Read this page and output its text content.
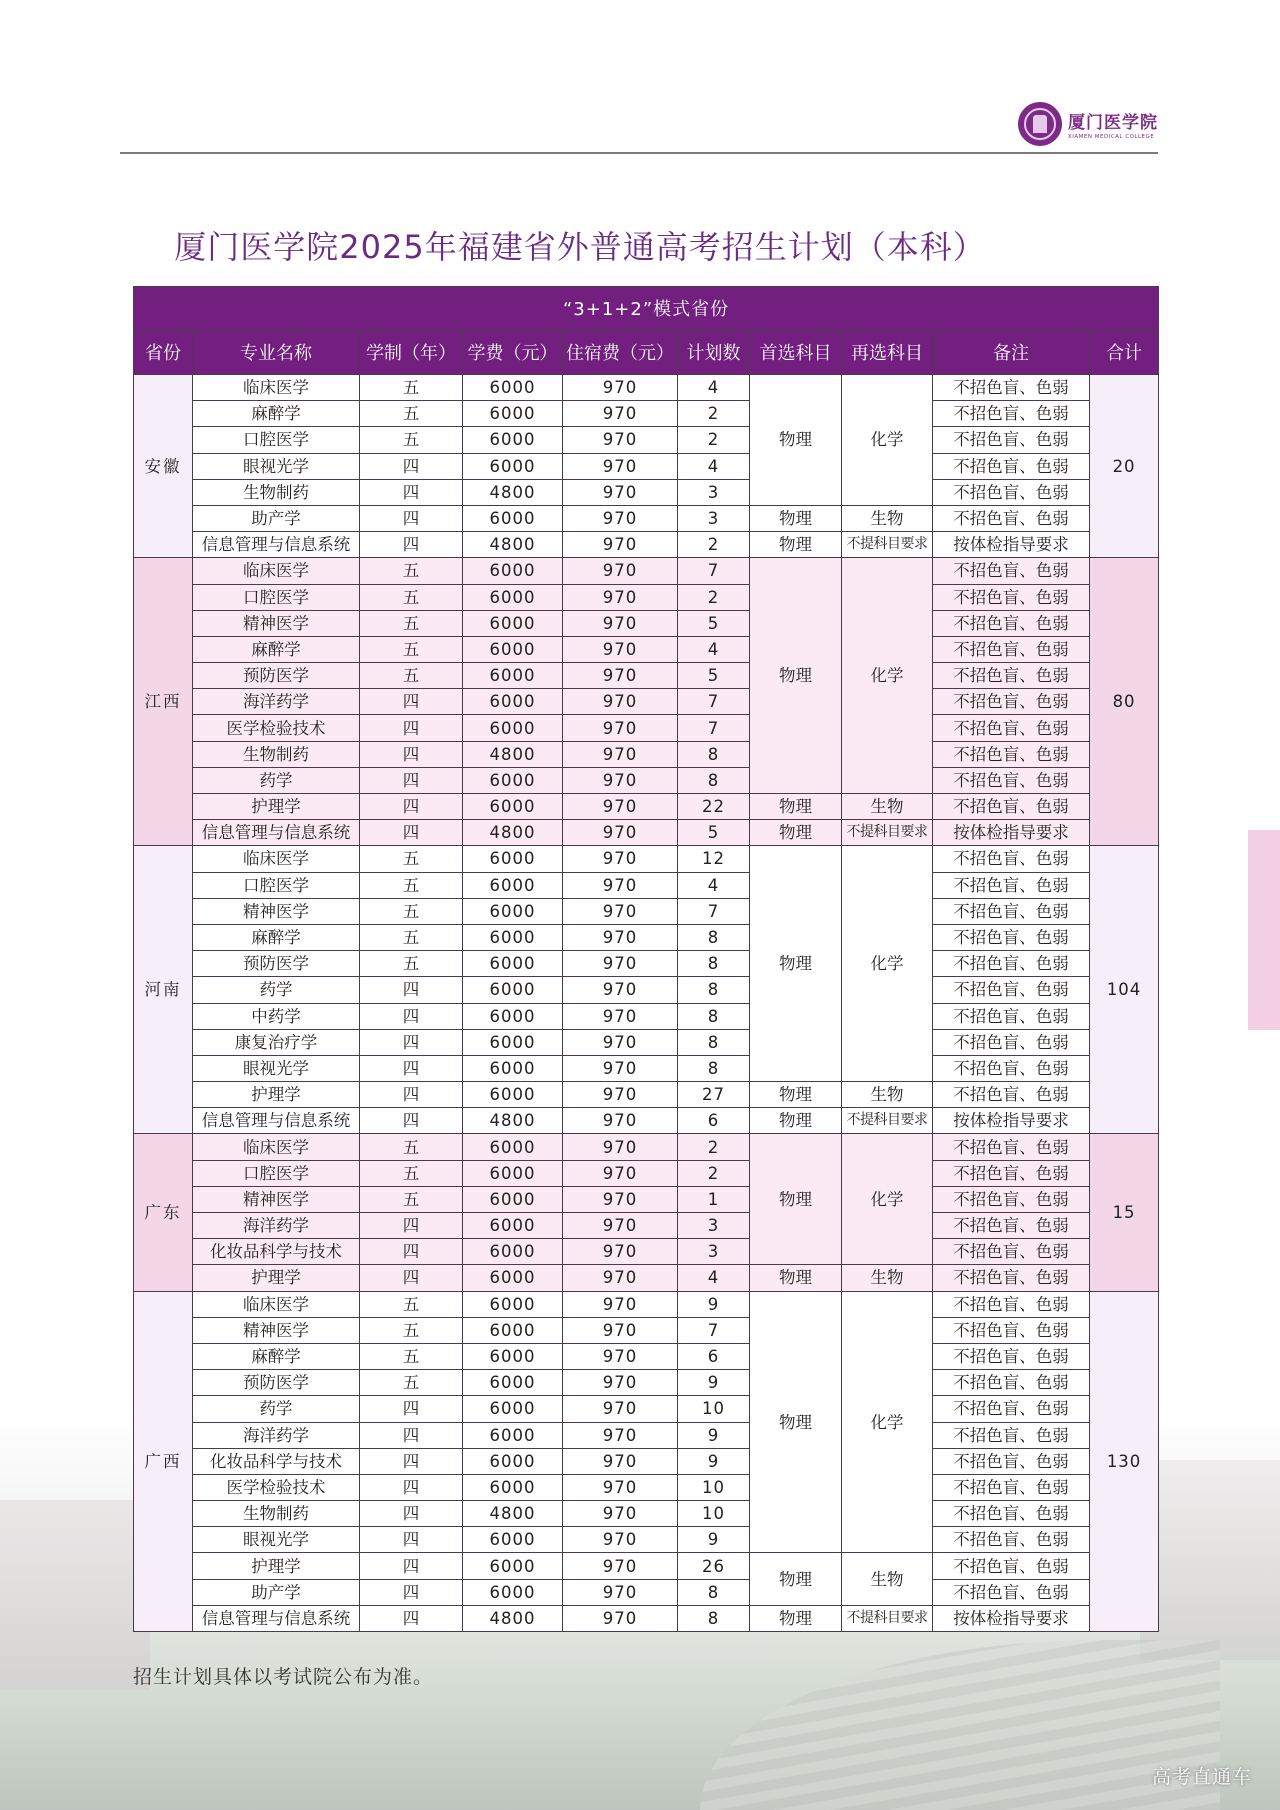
厦门医学院
XIAMEN MEDICAL COLLEGE
厦门医学院2025年福建省外普通高考招生计划（本科）
“3+1+2”模式省份									
省份	专业名称	学制（年）	学费（元）	住宿费（元）	计划数	首选科目	再选科目	备注	合计
安徽	临床医学	五	6000	970	4	物理	化学	不招色盲、色弱	20
	麻醉学	五	6000	970	2			不招色盲、色弱	
	口腔医学	五	6000	970	2			不招色盲、色弱	
	眼视光学	四	6000	970	4			不招色盲、色弱	
	生物制药	四	4800	970	3			不招色盲、色弱	
	助产学	四	6000	970	3	物理	生物	不招色盲、色弱	
	信息管理与信息系统	四	4800	970	2	物理	不提科目要求	按体检指导要求	
江西	临床医学	五	6000	970	7	物理	化学	不招色盲、色弱	80
	口腔医学	五	6000	970	2			不招色盲、色弱	
	精神医学	五	6000	970	5			不招色盲、色弱	
	麻醉学	五	6000	970	4			不招色盲、色弱	
	预防医学	五	6000	970	5			不招色盲、色弱	
	海洋药学	四	6000	970	7			不招色盲、色弱	
	医学检验技术	四	6000	970	7			不招色盲、色弱	
	生物制药	四	4800	970	8			不招色盲、色弱	
	药学	四	6000	970	8			不招色盲、色弱	
	护理学	四	6000	970	22	物理	生物	不招色盲、色弱	
	信息管理与信息系统	四	4800	970	5	物理	不提科目要求	按体检指导要求	
河南	临床医学	五	6000	970	12	物理	化学	不招色盲、色弱	104
	口腔医学	五	6000	970	4			不招色盲、色弱	
	精神医学	五	6000	970	7			不招色盲、色弱	
	麻醉学	五	6000	970	8			不招色盲、色弱	
	预防医学	五	6000	970	8			不招色盲、色弱	
	药学	四	6000	970	8			不招色盲、色弱	
	中药学	四	6000	970	8			不招色盲、色弱	
	康复治疗学	四	6000	970	8			不招色盲、色弱	
	眼视光学	四	6000	970	8			不招色盲、色弱	
	护理学	四	6000	970	27	物理	生物	不招色盲、色弱	
	信息管理与信息系统	四	4800	970	6	物理	不提科目要求	按体检指导要求	
广东	临床医学	五	6000	970	2	物理	化学	不招色盲、色弱	15
	口腔医学	五	6000	970	2			不招色盲、色弱	
	精神医学	五	6000	970	1			不招色盲、色弱	
	海洋药学	四	6000	970	3			不招色盲、色弱	
	化妆品科学与技术	四	6000	970	3			不招色盲、色弱	
	护理学	四	6000	970	4	物理	生物	不招色盲、色弱	
广西	临床医学	五	6000	970	9	物理	化学	不招色盲、色弱	130
	精神医学	五	6000	970	7			不招色盲、色弱	
	麻醉学	五	6000	970	6			不招色盲、色弱	
	预防医学	五	6000	970	9			不招色盲、色弱	
	药学	四	6000	970	10			不招色盲、色弱	
	海洋药学	四	6000	970	9			不招色盲、色弱	
	化妆品科学与技术	四	6000	970	9			不招色盲、色弱	
	医学检验技术	四	6000	970	10			不招色盲、色弱	
	生物制药	四	4800	970	10			不招色盲、色弱	
	眼视光学	四	6000	970	9			不招色盲、色弱	
	护理学	四	6000	970	26	物理	生物	不招色盲、色弱	
	助产学	四	6000	970	8			不招色盲、色弱	
	信息管理与信息系统	四	4800	970	8	物理	不提科目要求	按体检指导要求	
招生计划具体以考试院公布为准。
高考直通车
